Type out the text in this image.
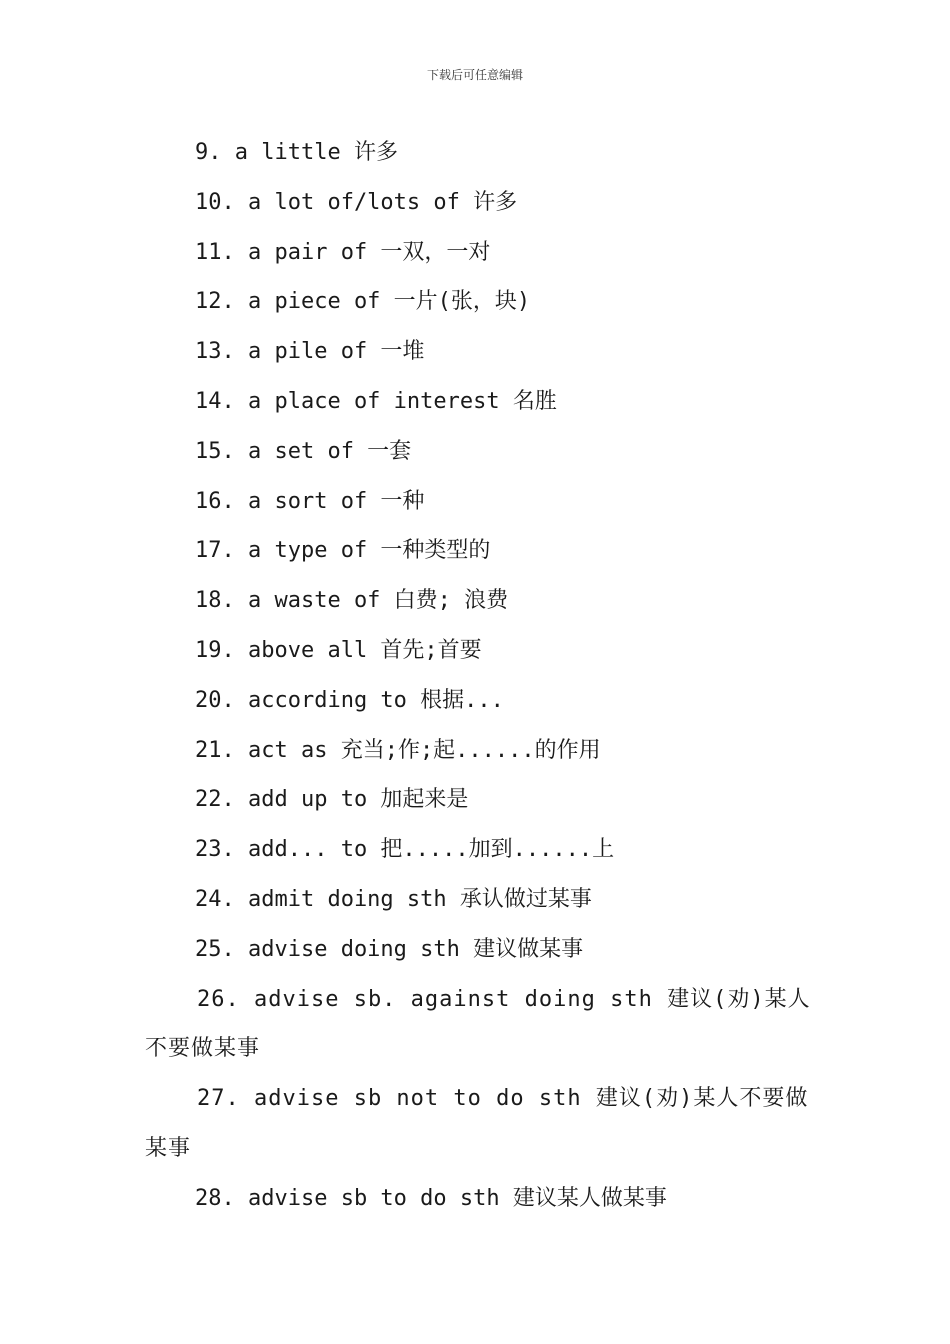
下载后可任意编辑
9. a little 许多
10. a lot of/lots of 许多
11. a pair of 一双，一对
12. a piece of 一片(张，块)
13. a pile of 一堆
14. a place of interest 名胜
15. a set of 一套
16. a sort of 一种
17. a type of 一种类型的
18. a waste of 白费; 浪费
19. above all 首先;首要
20. according to 根据...
21. act as 充当;作;起......的作用
22. add up to 加起来是
23. add... to 把.....加到......上
24. admit doing sth 承认做过某事
25. advise doing sth 建议做某事
26. advise sb. against doing sth 建议(劝)某人不要做某事
27. advise sb not to do sth 建议(劝)某人不要做某事
28. advise sb to do sth 建议某人做某事
